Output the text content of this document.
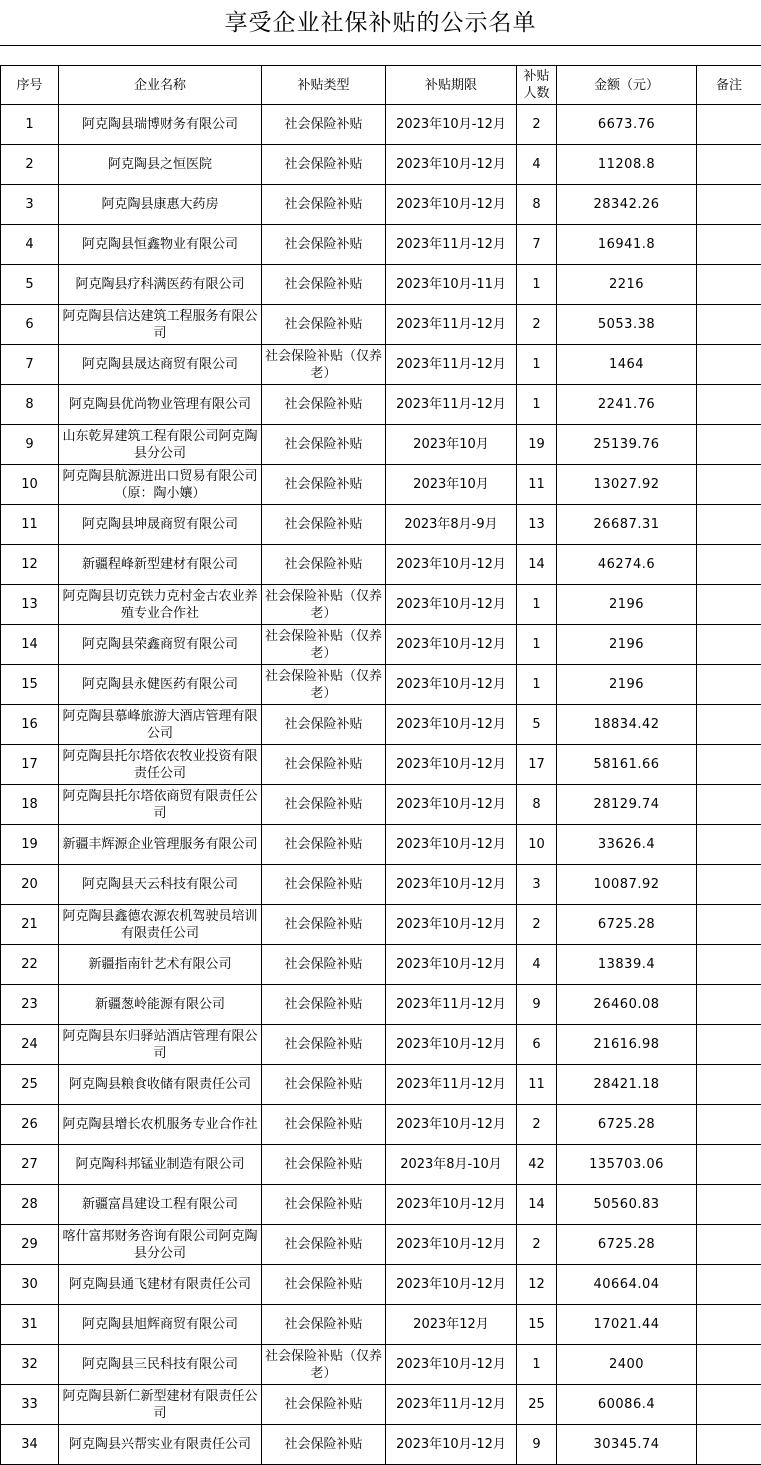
享受企业社保补贴的公示名单
序号	企业名称	补贴类型	补贴期限	补贴人数	金额（元）	备注
1	阿克陶县瑞博财务有限公司	社会保险补贴	2023年10月-12月	2	6673.76	
2	阿克陶县之恒医院	社会保险补贴	2023年10月-12月	4	11208.8	
3	阿克陶县康惠大药房	社会保险补贴	2023年10月-12月	8	28342.26	
4	阿克陶县恒鑫物业有限公司	社会保险补贴	2023年11月-12月	7	16941.8	
5	阿克陶县疗科满医药有限公司	社会保险补贴	2023年10月-11月	1	2216	
6	阿克陶县信达建筑工程服务有限公司	社会保险补贴	2023年11月-12月	2	5053.38	
7	阿克陶县晟达商贸有限公司	社会保险补贴（仅养老）	2023年11月-12月	1	1464	
8	阿克陶县优尚物业管理有限公司	社会保险补贴	2023年11月-12月	1	2241.76	
9	山东乾昇建筑工程有限公司阿克陶县分公司	社会保险补贴	2023年10月	19	25139.76	
10	阿克陶县航源进出口贸易有限公司（原：陶小孃）	社会保险补贴	2023年10月	11	13027.92	
11	阿克陶县坤晟商贸有限公司	社会保险补贴	2023年8月-9月	13	26687.31	
12	新疆程峰新型建材有限公司	社会保险补贴	2023年10月-12月	14	46274.6	
13	阿克陶县切克铁力克村金古农业养殖专业合作社	社会保险补贴（仅养老）	2023年10月-12月	1	2196	
14	阿克陶县荣鑫商贸有限公司	社会保险补贴（仅养老）	2023年10月-12月	1	2196	
15	阿克陶县永健医药有限公司	社会保险补贴（仅养老）	2023年10月-12月	1	2196	
16	阿克陶县慕峰旅游大酒店管理有限公司	社会保险补贴	2023年10月-12月	5	18834.42	
17	阿克陶县托尔塔依农牧业投资有限责任公司	社会保险补贴	2023年10月-12月	17	58161.66	
18	阿克陶县托尔塔依商贸有限责任公司	社会保险补贴	2023年10月-12月	8	28129.74	
19	新疆丰辉源企业管理服务有限公司	社会保险补贴	2023年10月-12月	10	33626.4	
20	阿克陶县天云科技有限公司	社会保险补贴	2023年10月-12月	3	10087.92	
21	阿克陶县鑫德农源农机驾驶员培训有限责任公司	社会保险补贴	2023年10月-12月	2	6725.28	
22	新疆指南针艺术有限公司	社会保险补贴	2023年10月-12月	4	13839.4	
23	新疆葱岭能源有限公司	社会保险补贴	2023年11月-12月	9	26460.08	
24	阿克陶县东归驿站酒店管理有限公司	社会保险补贴	2023年10月-12月	6	21616.98	
25	阿克陶县粮食收储有限责任公司	社会保险补贴	2023年11月-12月	11	28421.18	
26	阿克陶县增长农机服务专业合作社	社会保险补贴	2023年10月-12月	2	6725.28	
27	阿克陶科邦锰业制造有限公司	社会保险补贴	2023年8月-10月	42	135703.06	
28	新疆富昌建设工程有限公司	社会保险补贴	2023年10月-12月	14	50560.83	
29	喀什富邦财务咨询有限公司阿克陶县分公司	社会保险补贴	2023年10月-12月	2	6725.28	
30	阿克陶县通飞建材有限责任公司	社会保险补贴	2023年10月-12月	12	40664.04	
31	阿克陶县旭辉商贸有限公司	社会保险补贴	2023年12月	15	17021.44	
32	阿克陶县三民科技有限公司	社会保险补贴（仅养老）	2023年10月-12月	1	2400	
33	阿克陶县新仁新型建材有限责任公司	社会保险补贴	2023年11月-12月	25	60086.4	
34	阿克陶县兴帮实业有限责任公司	社会保险补贴	2023年10月-12月	9	30345.74	
